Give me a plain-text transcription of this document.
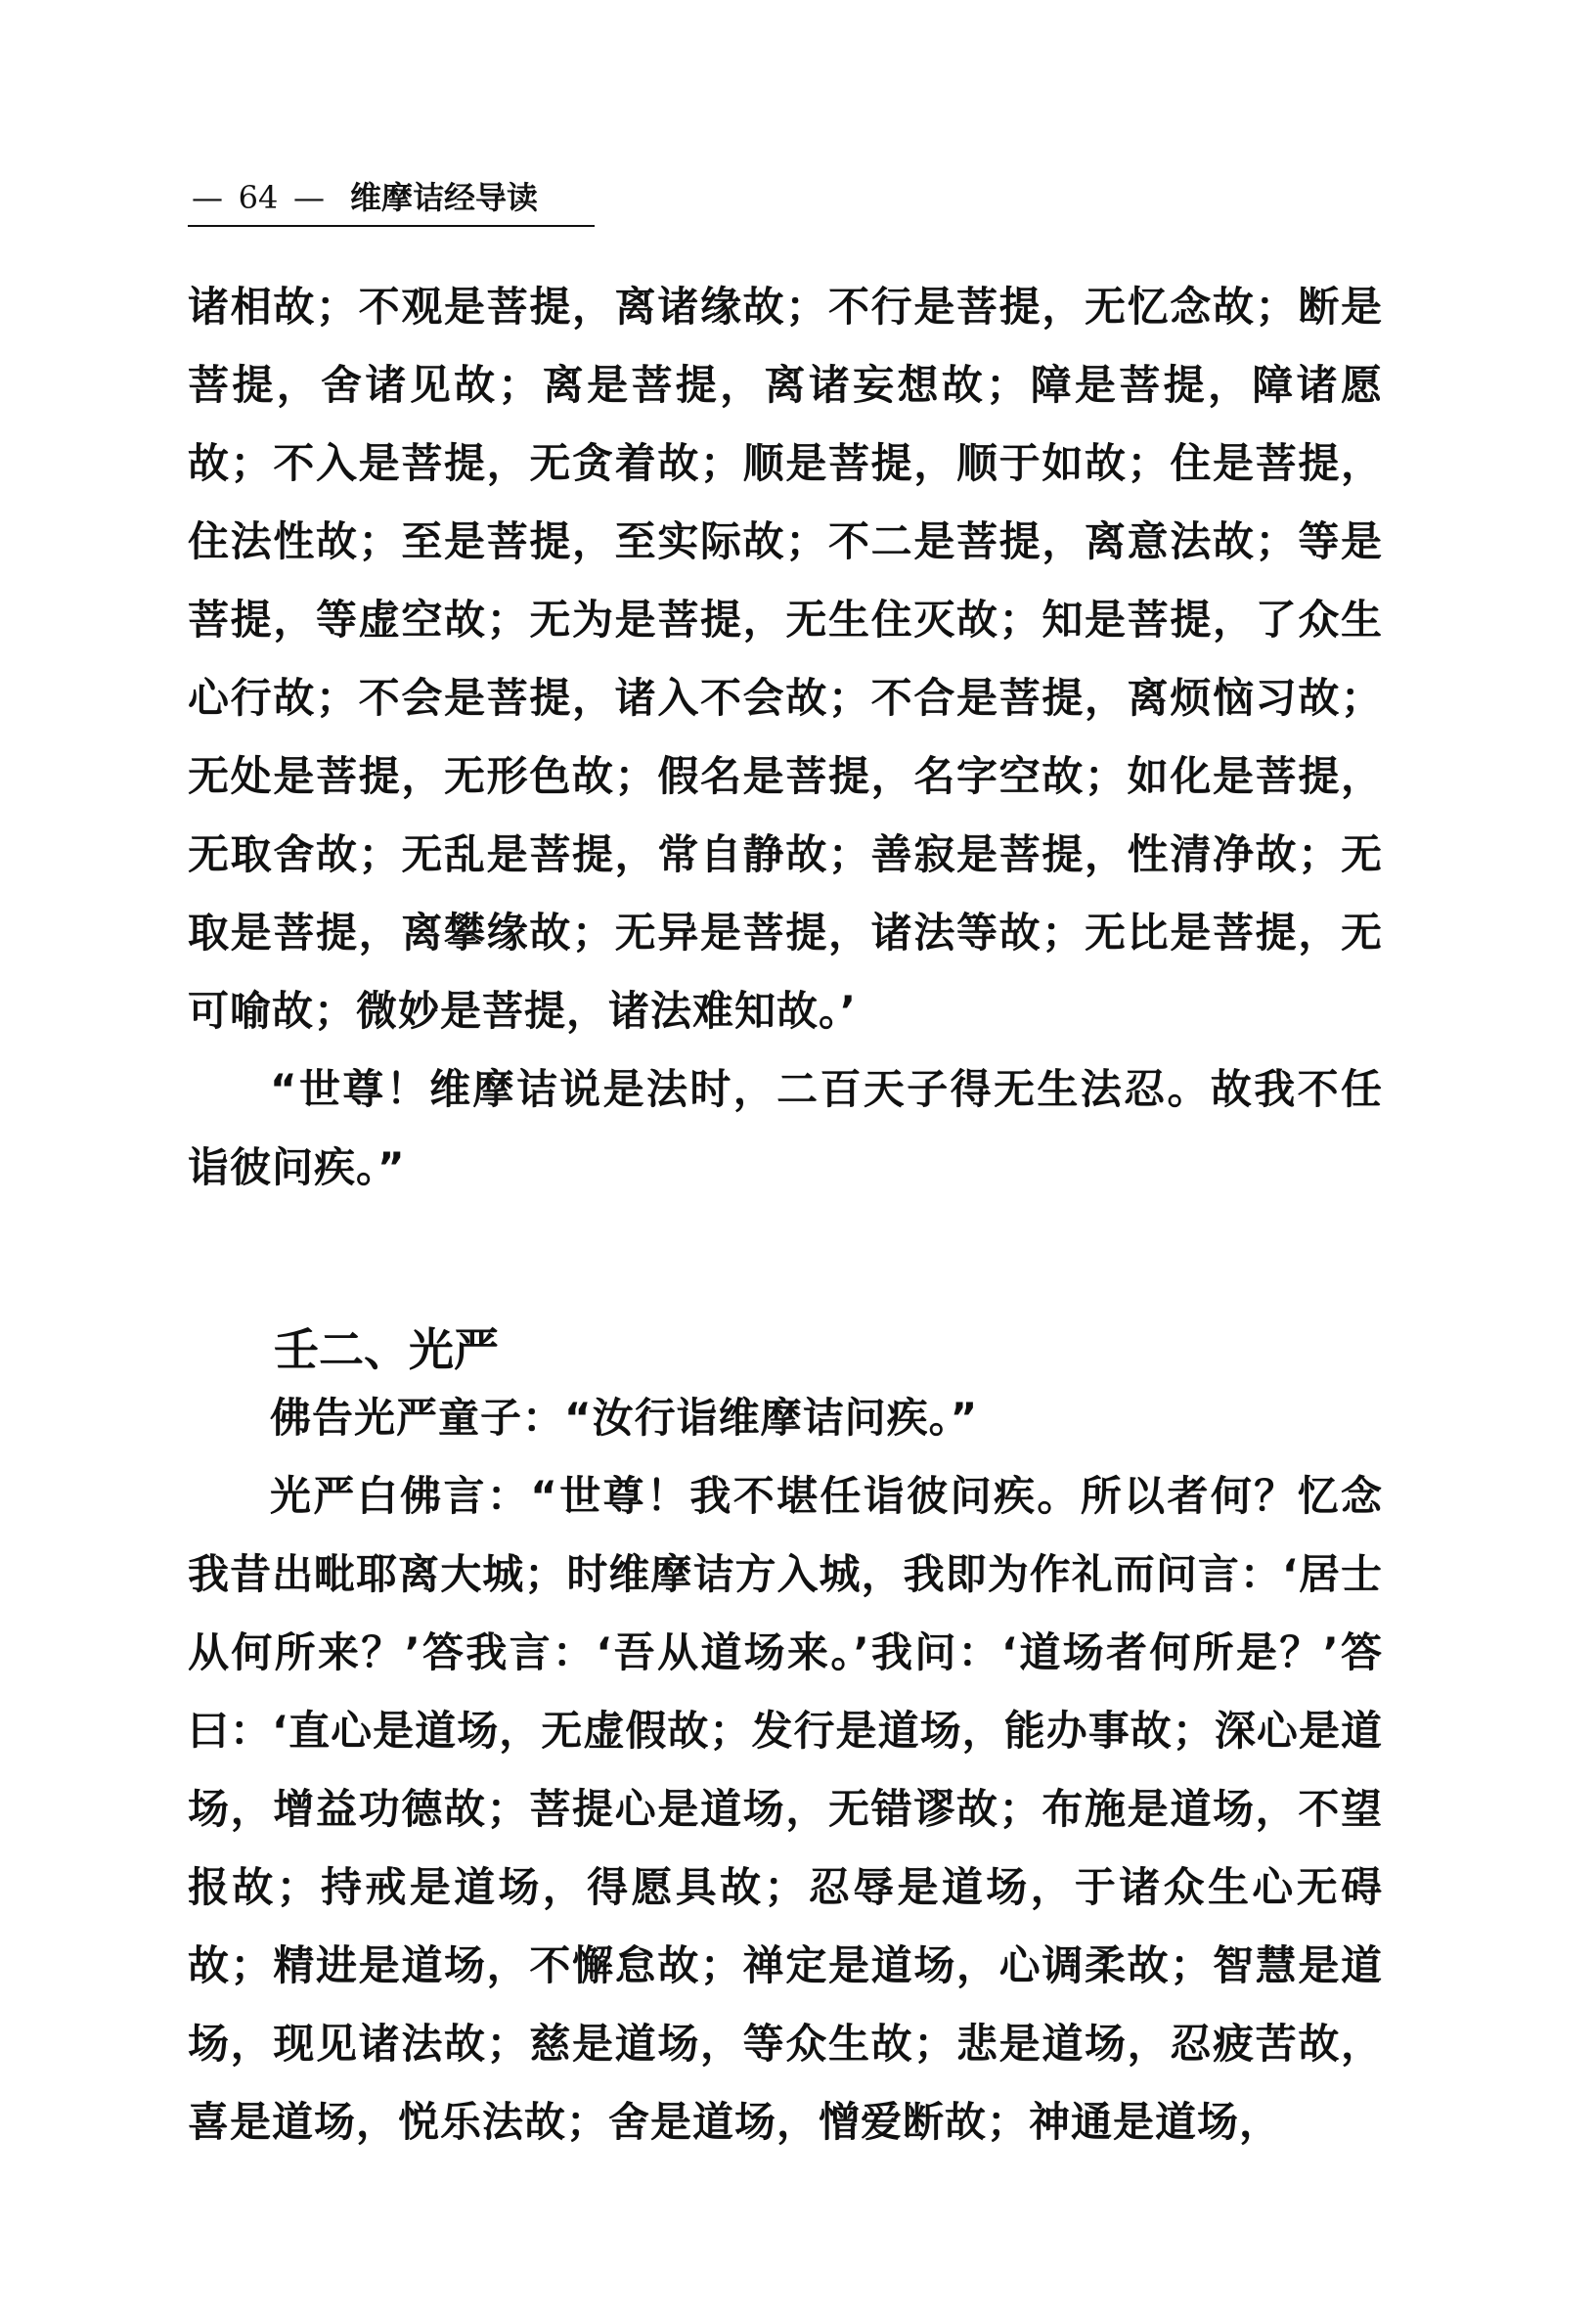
— 64 — 维摩诘经导读

诸相故；不观是菩提，离诸缘故；不行是菩提，无忆念故；断是菩提，舍诸见故；离是菩提，离诸妄想故；障是菩提，障诸愿故；不入是菩提，无贪着故；顺是菩提，顺于如故；住是菩提，住法性故；至是菩提，至实际故；不二是菩提，离意法故；等是菩提，等虚空故；无为是菩提，无生住灭故；知是菩提，了众生心行故；不会是菩提，诸入不会故；不合是菩提，离烦恼习故；无处是菩提，无形色故；假名是菩提，名字空故；如化是菩提，无取舍故；无乱是菩提，常自静故；善寂是菩提，性清净故；无取是菩提，离攀缘故；无异是菩提，诸法等故；无比是菩提，无可喻故；微妙是菩提，诸法难知故。’

“世尊！维摩诘说是法时，二百天子得无生法忍。故我不任诣彼问疾。”

壬二、光严

佛告光严童子：“汝行诣维摩诘问疾。”

光严白佛言：“世尊！我不堪任诣彼问疾。所以者何？忆念我昔出毗耶离大城；时维摩诘方入城，我即为作礼而问言：‘居士从何所来？’答我言：‘吾从道场来。’我问：‘道场者何所是？’答曰：‘直心是道场，无虚假故；发行是道场，能办事故；深心是道场，增益功德故；菩提心是道场，无错谬故；布施是道场，不望报故；持戒是道场，得愿具故；忍辱是道场，于诸众生心无碍故；精进是道场，不懈怠故；禅定是道场，心调柔故；智慧是道场，现见诸法故；慈是道场，等众生故；悲是道场，忍疲苦故，喜是道场，悦乐法故；舍是道场，憎爱断故；神通是道场，
